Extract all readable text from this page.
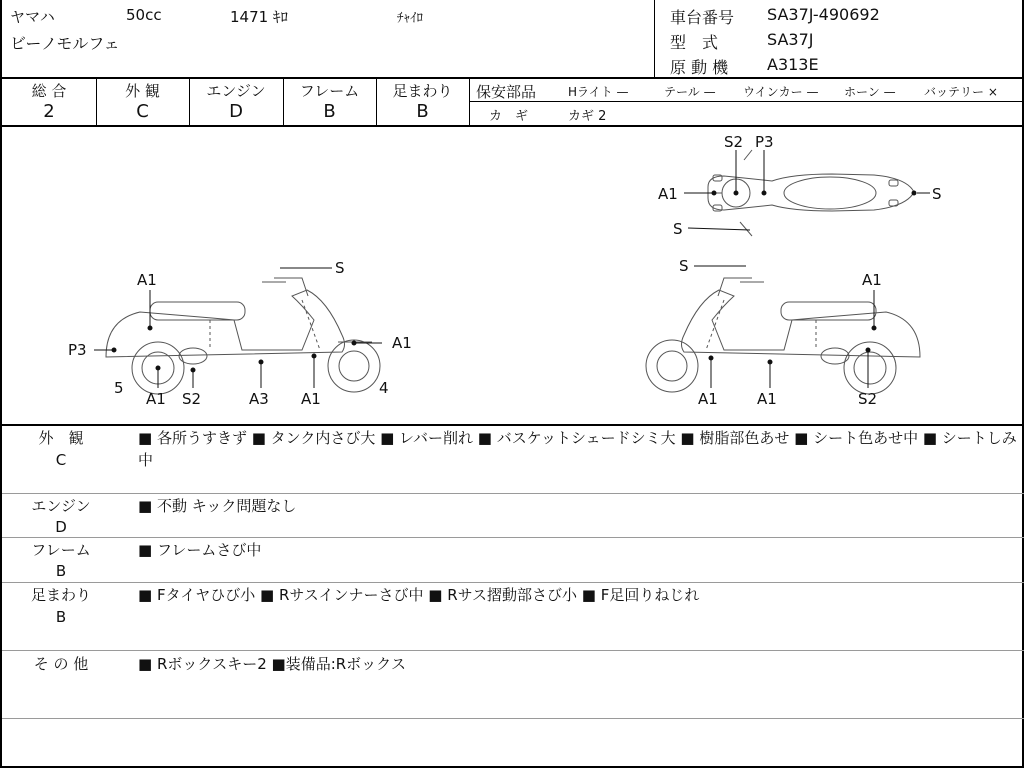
ヤマハ	50cc	1471 ｷﾛ	ﾁｬｲﾛ
ビーノモルフェ
車台番号 SA37J-490692
型　式	SA37J
原 動 機 A313E
総 合
2
外 観
C
エンジン
D
フレーム
B
足まわり
B
保安部品	Hライト —	テール — ウインカー — ホーン — バッテリー ×
カ　ギ	カギ 2
S2 P3
A1	S
S
S
A1
P3	A1
5	4
A1 S2	A3 A1
S
A1
A1	A1	S2
外　観
C
■ 各所うすきず ■ タンク内さび大 ■ レバー削れ ■ バスケットシェードシミ大 ■ 樹脂部色あせ ■ シート色あせ中 ■ シートしみ中
エンジン
D
■ 不動 キック問題なし
フレーム
B
■ フレームさび中
足まわり
B
■ Fタイヤひび小 ■ Rサスインナーさび中 ■ Rサス摺動部さび小 ■ F足回りねじれ
そ の 他	■ Rボックスキー2 ■装備品:Rボックス
